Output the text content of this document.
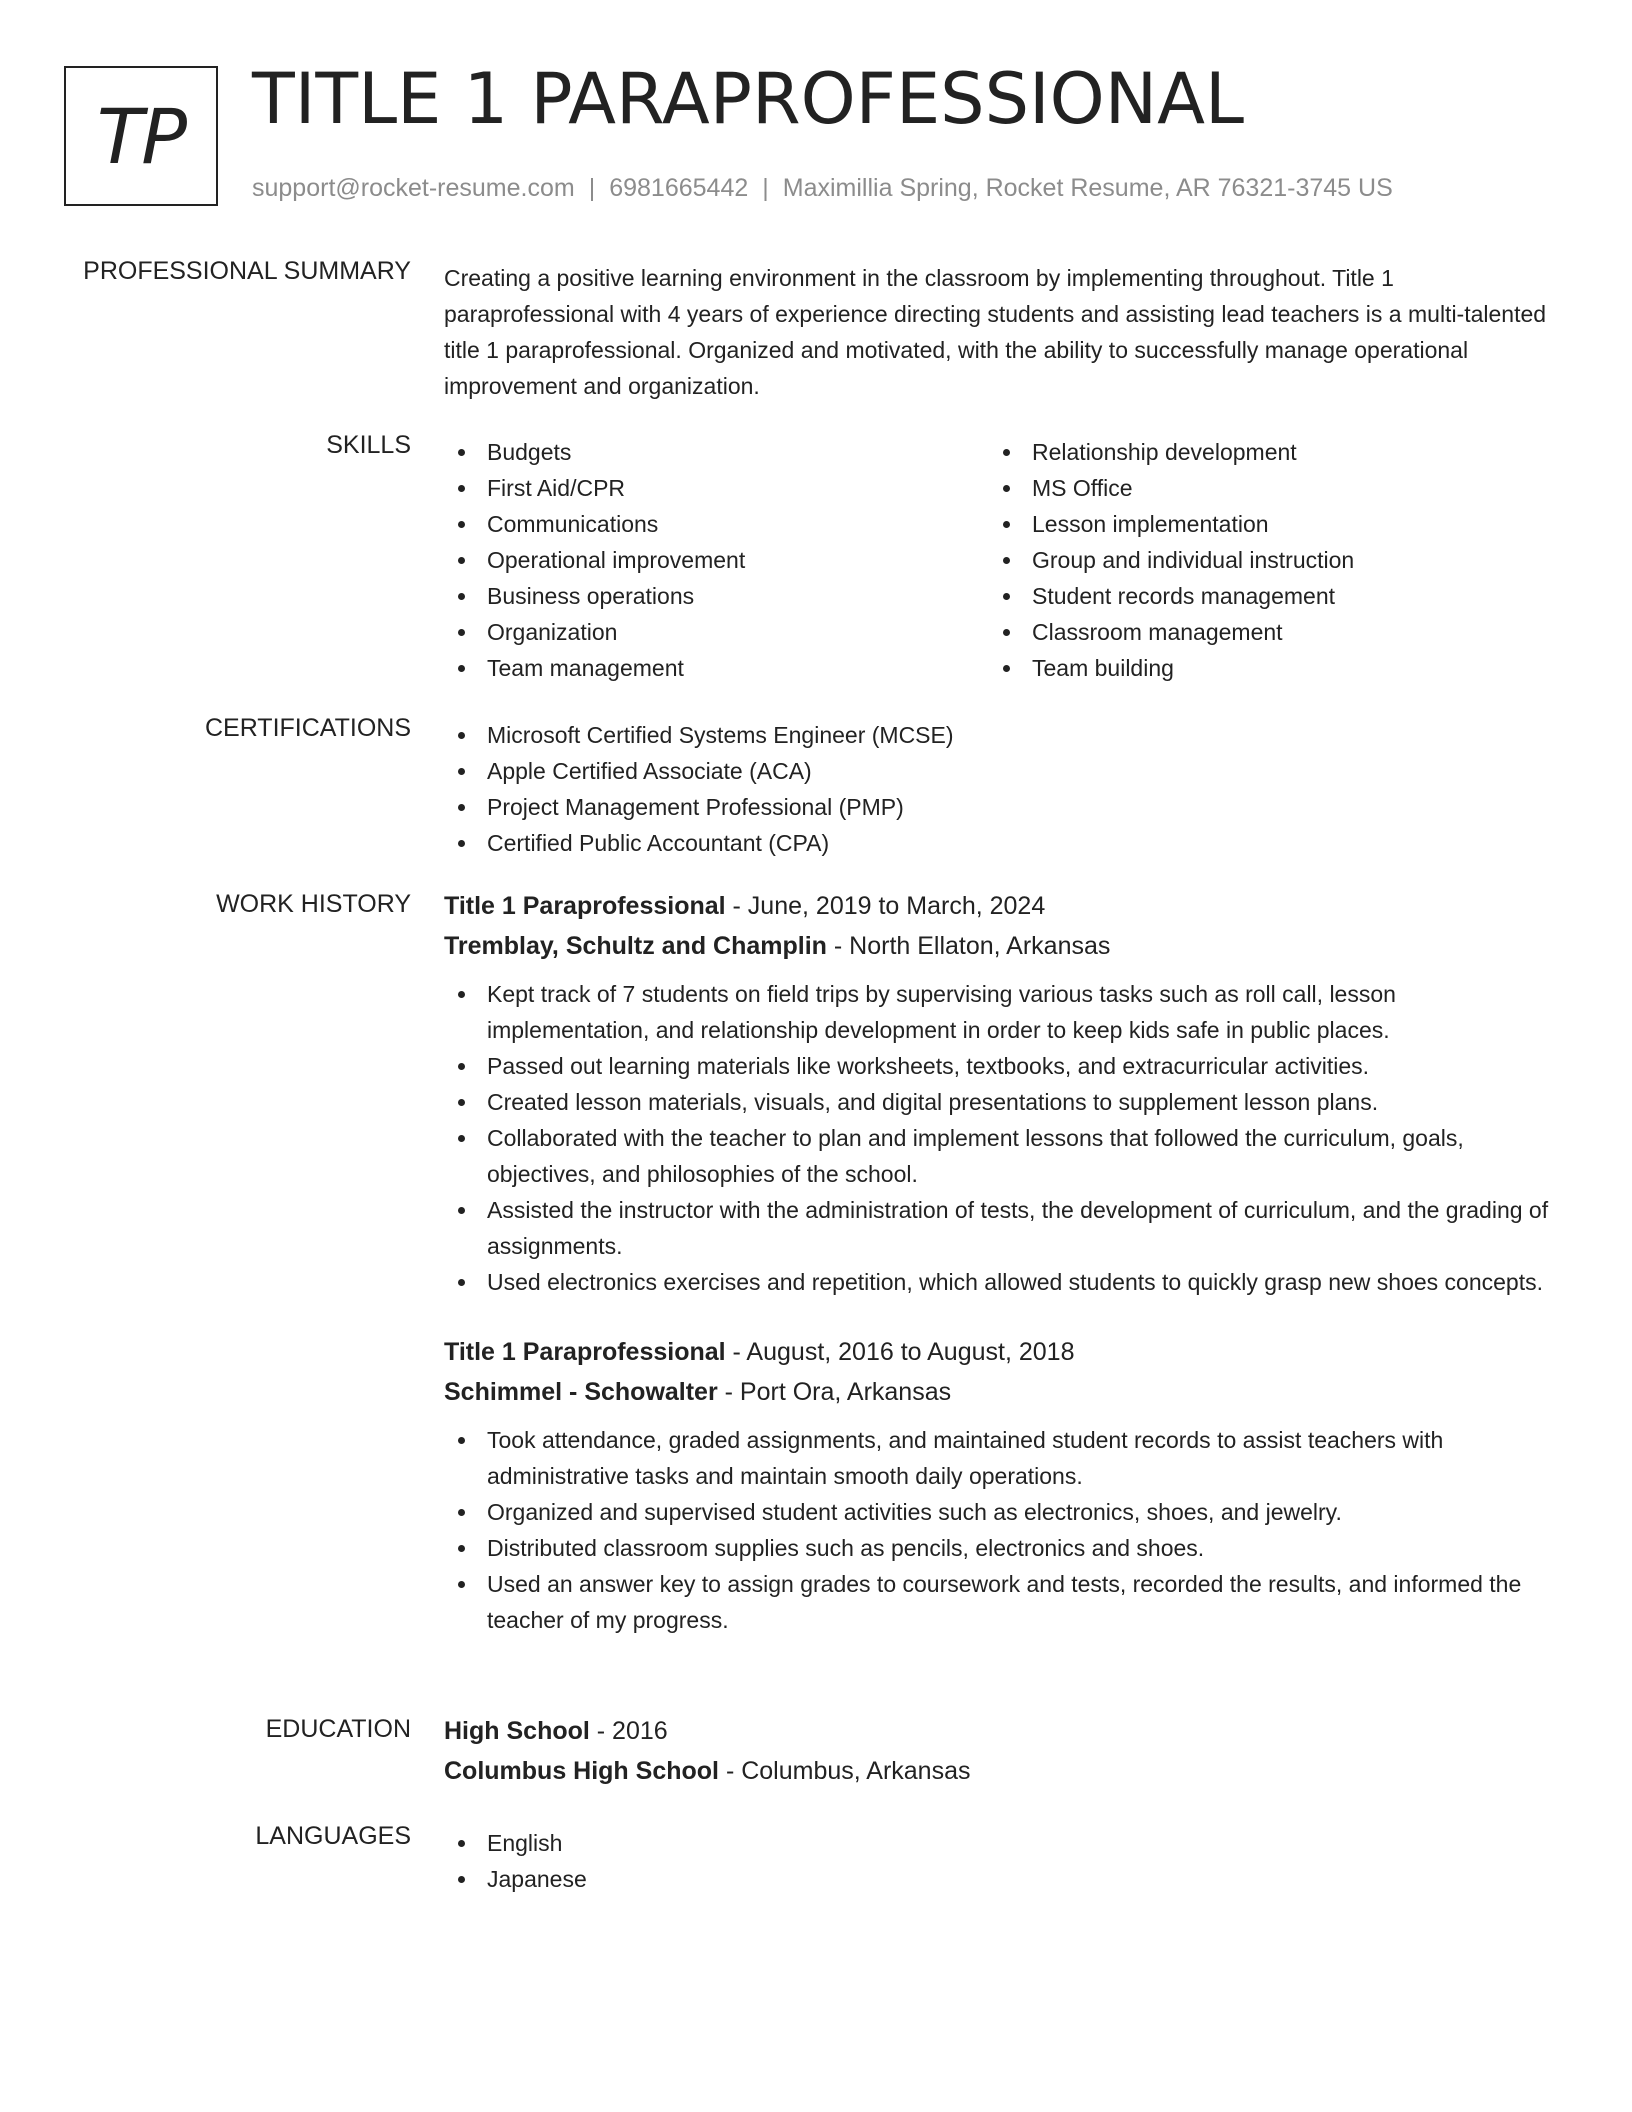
TP TITLE 1 PARAPROFESSIONAL
support@rocket-resume.com | 6981665442 | Maximillia Spring, Rocket Resume, AR 76321-3745 US
PROFESSIONAL SUMMARY Creating a positive learning environment in the classroom by implementing throughout. Title 1 paraprofessional with 4 years of experience directing students and assisting lead teachers is a multi-talented title 1 paraprofessional. Organized and motivated, with the ability to successfully manage operational improvement and organization.

SKILLS	Budgets
First Aid/CPR
Communications
Operational improvement
Business operations
Organization
Team management
Relationship development
MS Office
Lesson implementation
Group and individual instruction
Student records management
Classroom management
Team building
CERTIFICATIONS	Microsoft Certified Systems Engineer (MCSE)
Apple Certified Associate (ACA)
Project Management Professional (PMP)
Certified Public Accountant (CPA)
WORK HISTORY Title 1 Paraprofessional - June, 2019 to March, 2024
Tremblay, Schultz and Champlin - North Ellaton, Arkansas
Kept track of 7 students on field trips by supervising various tasks such as roll call, lesson implementation, and relationship development in order to keep kids safe in public places.
Passed out learning materials like worksheets, textbooks, and extracurricular activities.
Created lesson materials, visuals, and digital presentations to supplement lesson plans.
Collaborated with the teacher to plan and implement lessons that followed the curriculum, goals, objectives, and philosophies of the school.
Assisted the instructor with the administration of tests, the development of curriculum, and the grading of assignments.
Used electronics exercises and repetition, which allowed students to quickly grasp new shoes concepts.
Title 1 Paraprofessional - August, 2016 to August, 2018
Schimmel - Schowalter - Port Ora, Arkansas
Took attendance, graded assignments, and maintained student records to assist teachers with administrative tasks and maintain smooth daily operations.
Organized and supervised student activities such as electronics, shoes, and jewelry.
Distributed classroom supplies such as pencils, electronics and shoes.
Used an answer key to assign grades to coursework and tests, recorded the results, and informed the teacher of my progress.
EDUCATION High School - 2016
Columbus High School - Columbus, Arkansas
LANGUAGES	English
Japanese
